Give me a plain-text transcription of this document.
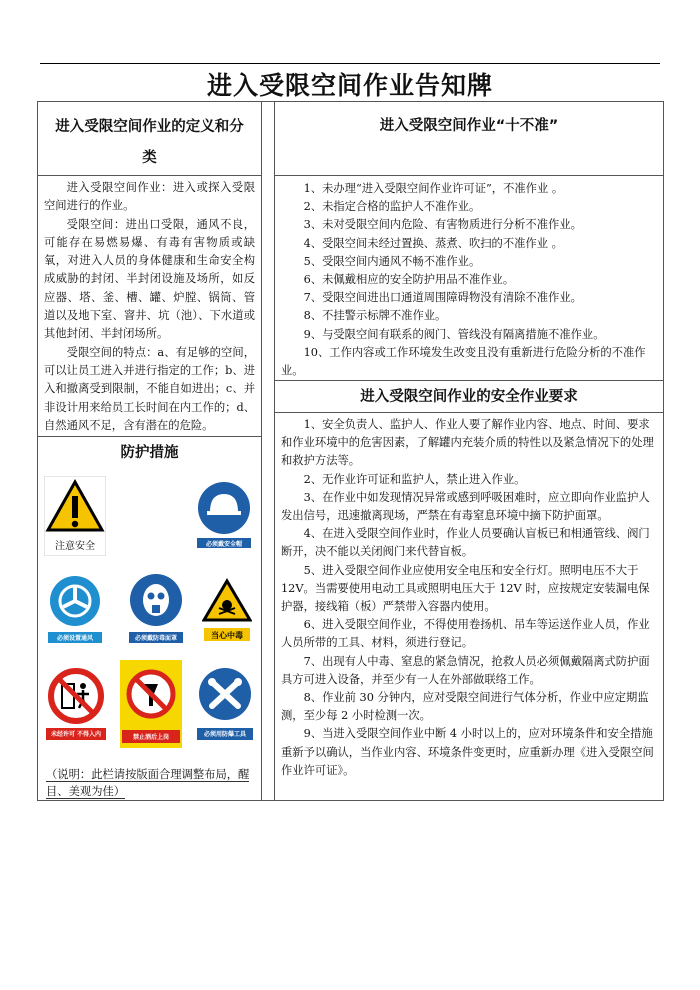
进入受限空间作业告知牌
进入受限空间作业的定义和分类

进入受限空间作业：进入或探入受限空间进行的作业。

受限空间：进出口受限，通风不良，可能存在易燃易爆、有毒有害物质或缺氧，对进入人员的身体健康和生命安全构成威胁的封闭、半封闭设施及场所，如反应器、塔、釜、槽、罐、炉膛、锅筒、管道以及地下室、窨井、坑（池）、下水道或其他封闭、半封闭场所。

受限空间的特点：a、有足够的空间，可以让员工进入并进行指定的工作；b、进入和撤离受到限制，不能自如进出；c、并非设计用来给员工长时间在内工作的；d、自然通风不足，含有潜在的危险。

防护措施
注意安全	必须戴安全帽
必须设置通风	必须戴防毒面罩	当心中毒
未经许可 不得入内	禁止酒后上岗	必须用防爆工具
（说明：此栏请按版面合理调整布局，醒目、美观为佳）
进入受限空间作业“十不准”
1、未办理“进入受限空间作业许可证”，不准作业 。
2、未指定合格的监护人不准作业。
3、未对受限空间内危险、有害物质进行分析不准作业。
4、受限空间未经过置换、蒸煮、吹扫的不准作业 。
5、受限空间内通风不畅不准作业。
6、未佩戴相应的安全防护用品不准作业。
7、受限空间进出口通道周围障碍物没有清除不准作业。
8、不挂警示标牌不准作业。
9、与受限空间有联系的阀门、管线没有隔离措施不准作业。
10、工作内容或工作环境发生改变且没有重新进行危险分析的不准作业。
进入受限空间作业的安全作业要求
1、安全负责人、监护人、作业人要了解作业内容、地点、时间、要求和作业环境中的危害因素，了解罐内充装介质的特性以及紧急情况下的处理和救护方法等。
2、无作业许可证和监护人，禁止进入作业。
3、在作业中如发现情况异常或感到呼吸困难时，应立即向作业监护人发出信号，迅速撤离现场，严禁在有毒窒息环境中摘下防护面罩。
4、在进入受限空间作业时，作业人员要确认盲板已和相通管线、阀门断开，决不能以关闭阀门来代替盲板。
5、进入受限空间作业应使用安全电压和安全行灯。照明电压不大于 12V。当需要使用电动工具或照明电压大于 12V 时，应按规定安装漏电保护器，接线箱（板）严禁带入容器内使用。
6、进入受限空间作业，不得使用卷扬机、吊车等运送作业人员，作业人员所带的工具、材料，须进行登记。
7、出现有人中毒、窒息的紧急情况，抢救人员必须佩戴隔离式防护面具方可进入设备，并至少有一人在外部做联络工作。
8、作业前 30 分钟内，应对受限空间进行气体分析，作业中应定期监测，至少每 2 小时检测一次。
9、当进入受限空间作业中断 4 小时以上的，应对环境条件和安全措施重新予以确认，当作业内容、环境条件变更时，应重新办理《进入受限空间作业许可证》。
